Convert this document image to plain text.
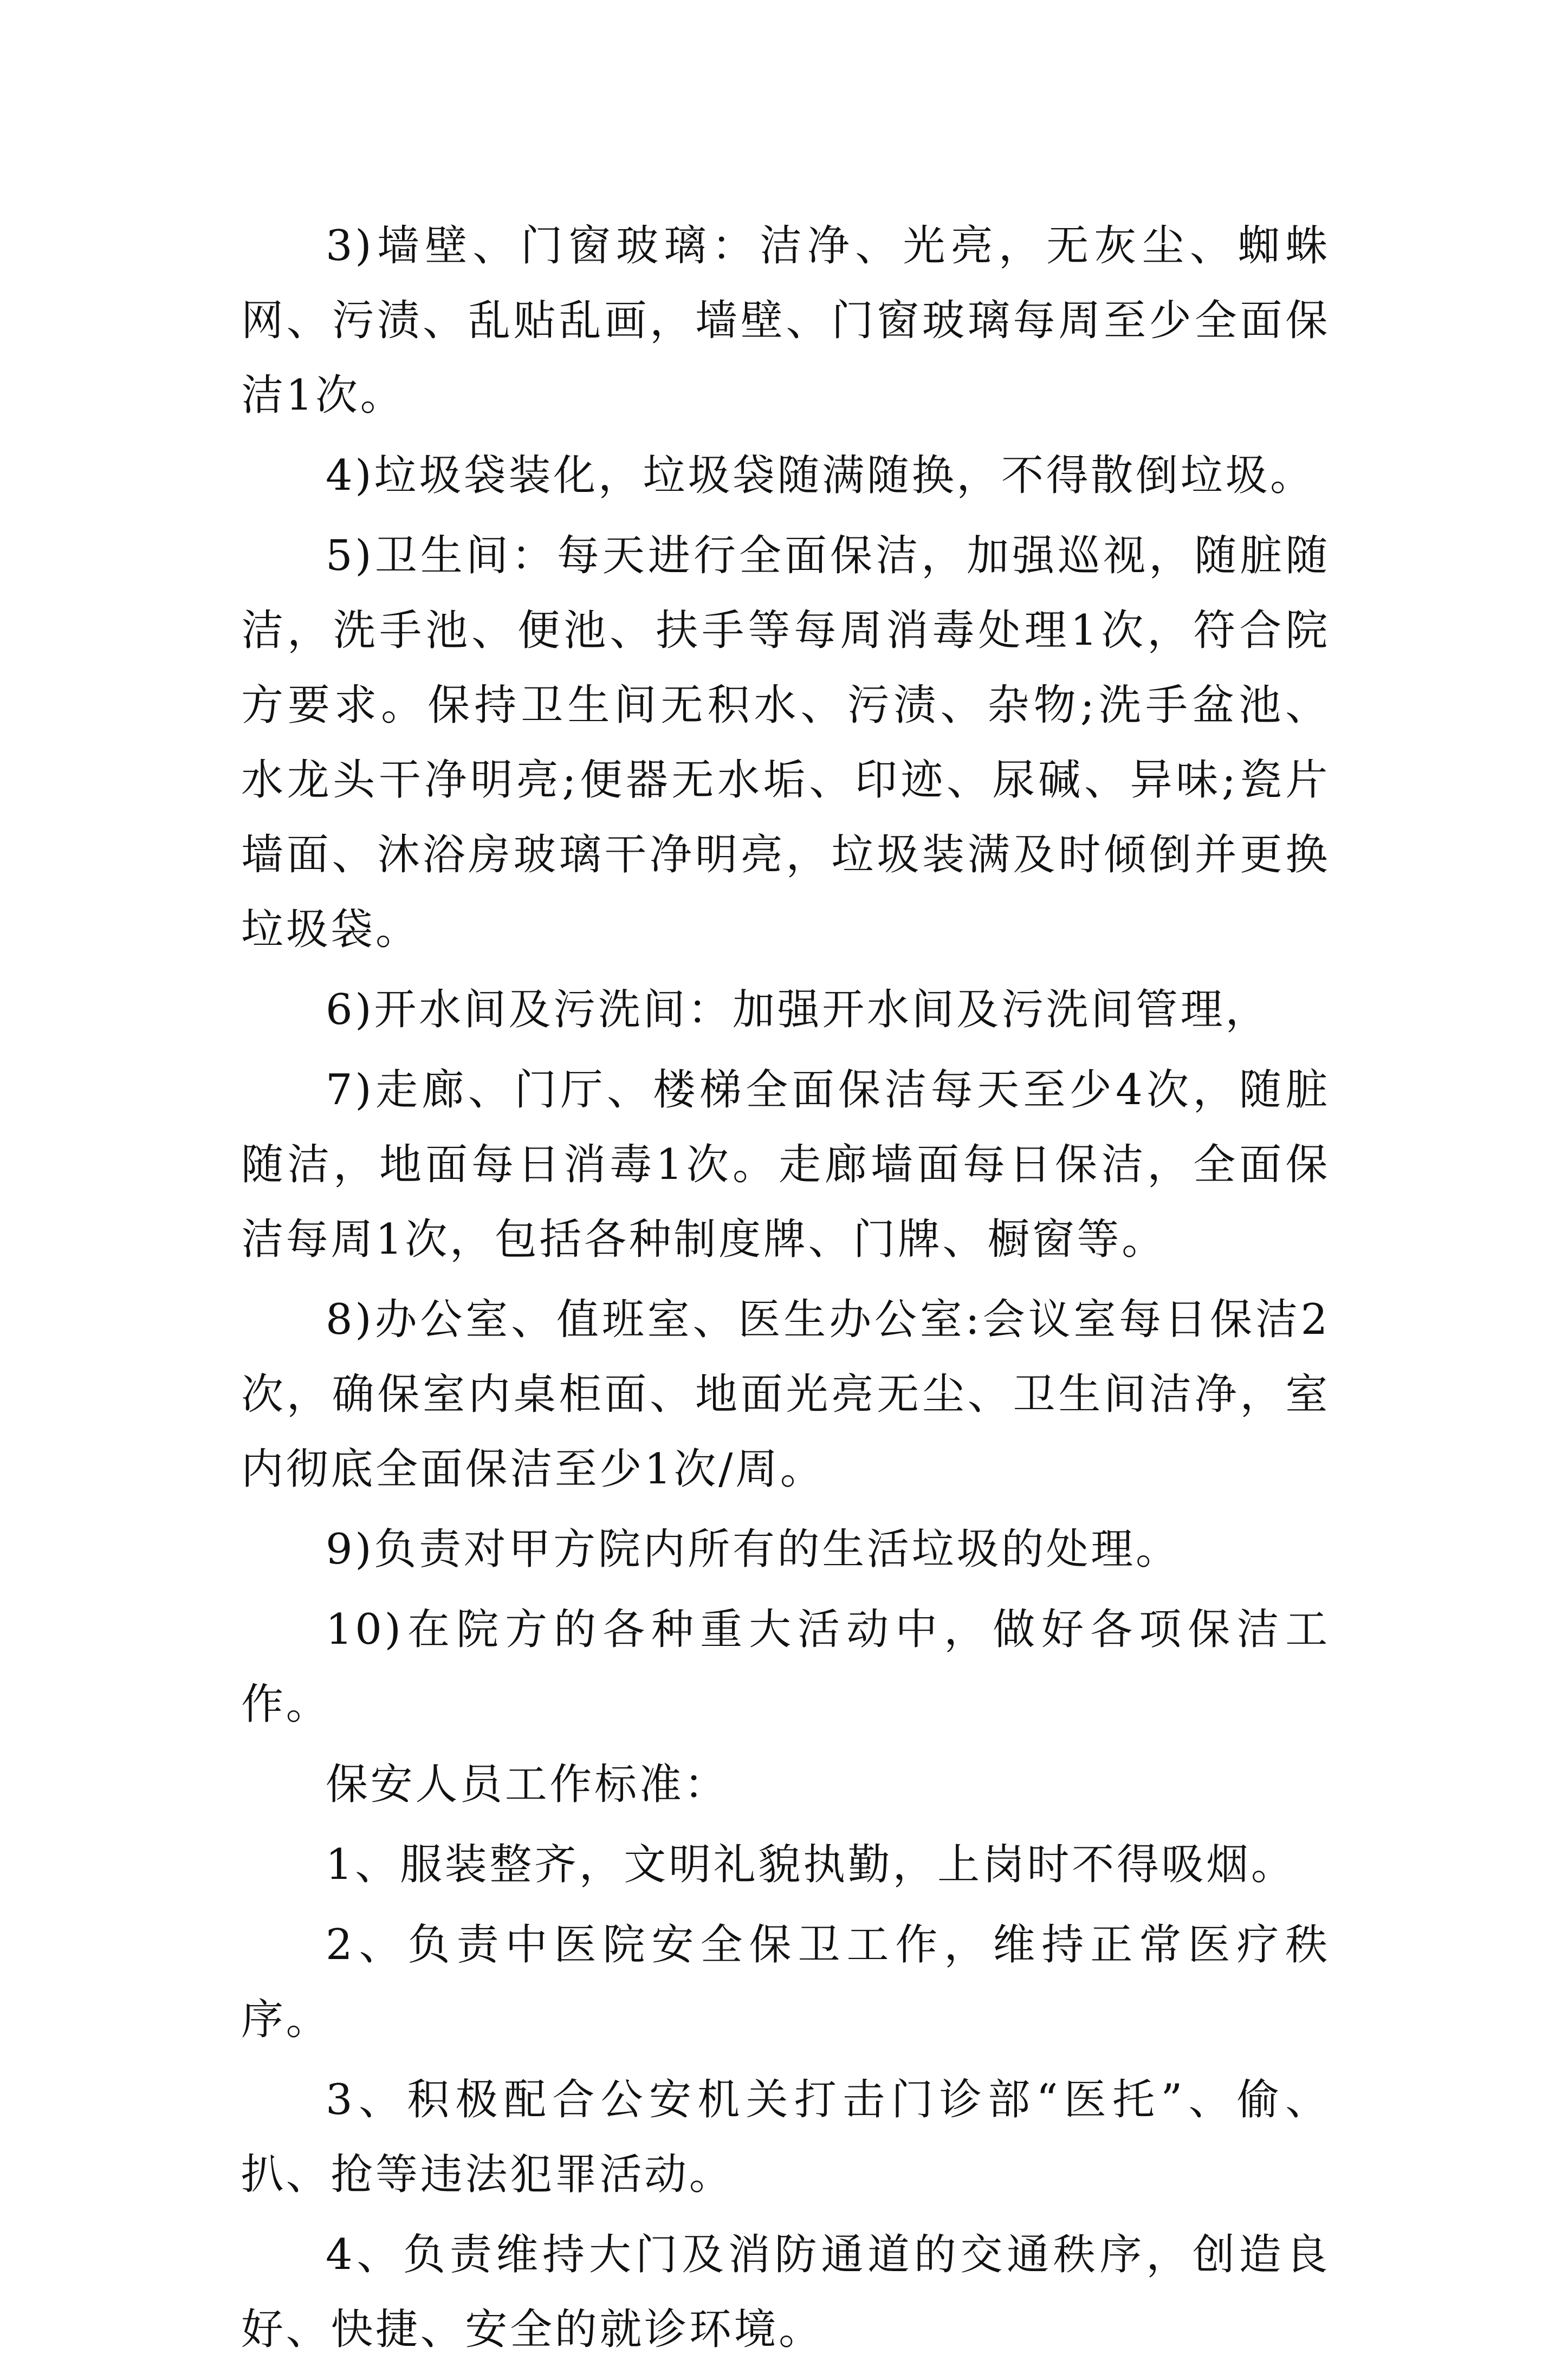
3)墙壁、门窗玻璃：洁净、光亮，无灰尘、蜘蛛网、污渍、乱贴乱画，墙壁、门窗玻璃每周至少全面保洁1次。

4)垃圾袋装化，垃圾袋随满随换，不得散倒垃圾。

5)卫生间：每天进行全面保洁，加强巡视，随脏随洁，洗手池、便池、扶手等每周消毒处理1次，符合院方要求。保持卫生间无积水、污渍、杂物;洗手盆池、水龙头干净明亮;便器无水垢、印迹、尿碱、异味;瓷片墙面、沐浴房玻璃干净明亮，垃圾装满及时倾倒并更换垃圾袋。

6)开水间及污洗间：加强开水间及污洗间管理，

7)走廊、门厅、楼梯全面保洁每天至少4次，随脏随洁，地面每日消毒1次。走廊墙面每日保洁，全面保洁每周1次，包括各种制度牌、门牌、橱窗等。

8)办公室、值班室、医生办公室:会议室每日保洁2次，确保室内桌柜面、地面光亮无尘、卫生间洁净，室内彻底全面保洁至少1次/周。

9)负责对甲方院内所有的生活垃圾的处理。

10)在院方的各种重大活动中，做好各项保洁工作。

保安人员工作标准：

1、服装整齐，文明礼貌执勤，上岗时不得吸烟。

2、负责中医院安全保卫工作，维持正常医疗秩序。

3、积极配合公安机关打击门诊部“医托”、偷、扒、抢等违法犯罪活动。

4、负责维持大门及消防通道的交通秩序，创造良好、快捷、安全的就诊环境。
